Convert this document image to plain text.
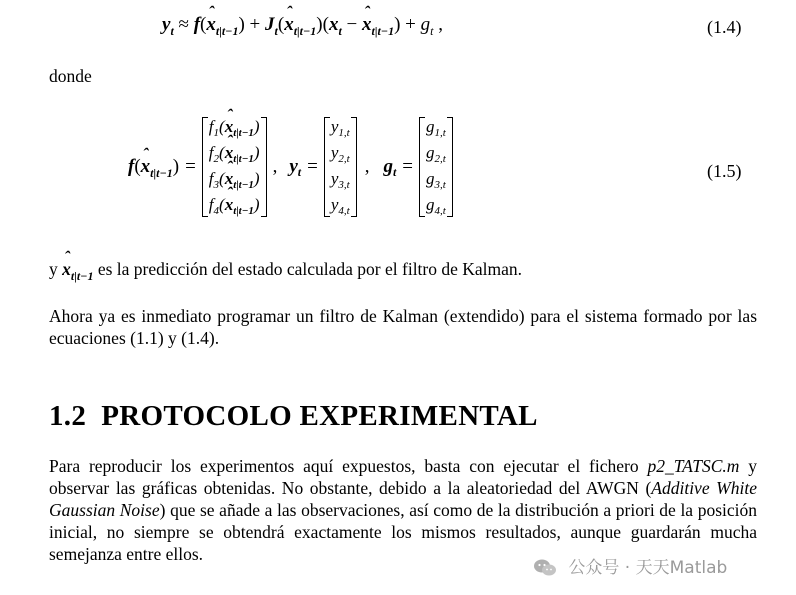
$y_t$ ≈ f(ˆ $x_{t|t-1}$) + $J_t(ˆ$ $x_{t|t-1})(x_t$ − ˆ $x_{t|t-1}) + g_t$ ,	(1.4)
donde
f(ˆ $x_{t|t-1}$) =
$f_1(ˆ$ $x_{t|t-1}$)
$f_2(ˆ$ $x_{t|t-1}$)
$f_3(ˆ$ $x_{t|t-1}$)
$f_4(ˆ$ $x_{t|t-1}$)
, y t =
$y_{1,t}$
$y_{2,t}$
$y_{3,t}$
$y_{4,t}$
, g t =
$g_{1,t}$
$g_{2,t}$
$g_{3,t}$
$g_{4,t}$
(1.5)
y ˆ $x_{t|t-1}$ es la predicción del estado calculada por el filtro de Kalman.
Ahora ya es inmediato programar un filtro de Kalman (extendido) para el sistema formado por las ecuaciones (1.1) y (1.4).
1.2 PROTOCOLO EXPERIMENTAL
Para reproducir los experimentos aquí expuestos, basta con ejecutar el fichero p2_TATSC.m y observar las gráficas obtenidas. No obstante, debido a la aleatoriedad del AWGN (Additive White Gaussian Noise) que se añade a las observaciones, así como de la distribución a priori de la posición inicial, no siempre se obtendrá exactamente los mismos resultados, aunque guardarán mucha semejanza entre ellos.
公众号 · 天天Matlab
